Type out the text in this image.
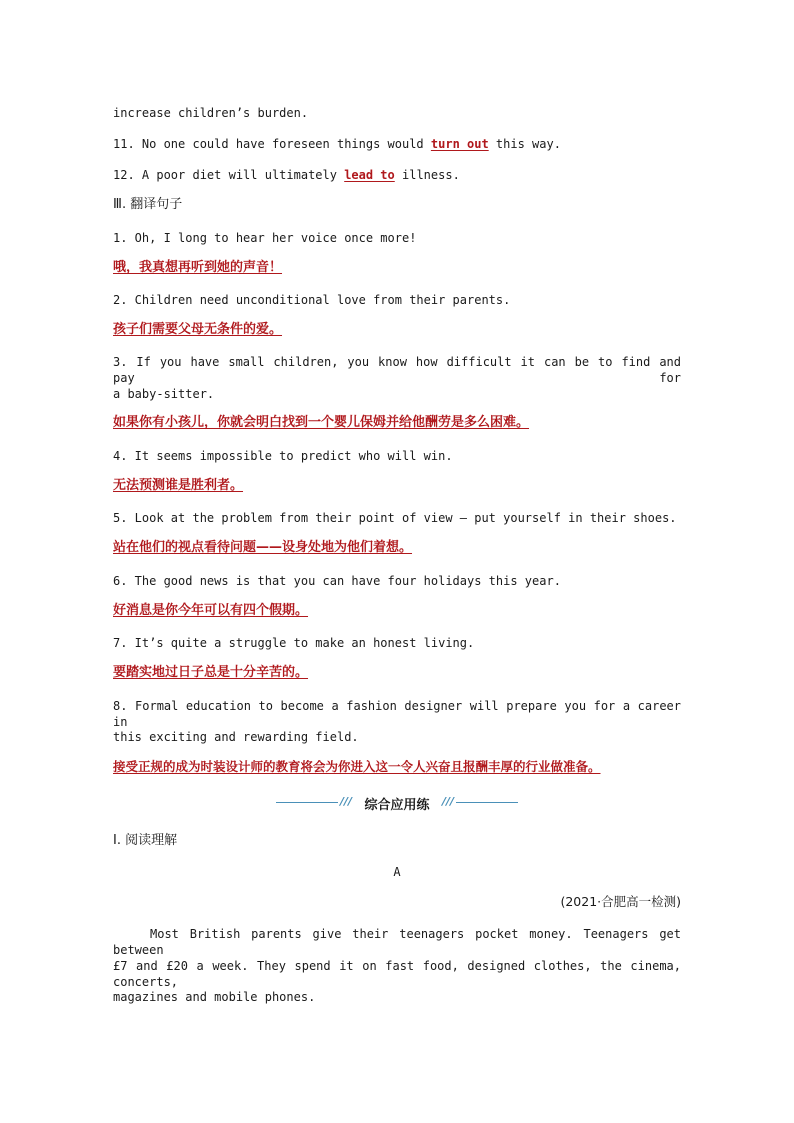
increase children’s burden.
11. No one could have foreseen things would turn out this way.
12. A poor diet will ultimately lead to illness.
Ⅲ. 翻译句子
1. Oh, I long to hear her voice once more!
哦，我真想再听到她的声音！
2. Children need unconditional love from their parents.
孩子们需要父母无条件的爱。
3. If you have small children, you know how difficult it can be to find and pay for
a baby-sitter.
如果你有小孩儿，你就会明白找到一个婴儿保姆并给他酬劳是多么困难。
4. It seems impossible to predict who will win.
无法预测谁是胜利者。
5. Look at the problem from their point of view — put yourself in their shoes.
站在他们的视点看待问题——设身处地为他们着想。
6. The good news is that you can have four holidays this year.
好消息是你今年可以有四个假期。
7. It’s quite a struggle to make an honest living.
要踏实地过日子总是十分辛苦的。
8. Formal education to become a fashion designer will prepare you for a career in
this exciting and rewarding field.
接受正规的成为时装设计师的教育将会为你进入这一令人兴奋且报酬丰厚的行业做准备。
/// 综合应用练	///
Ⅰ. 阅读理解
A
(2021·合肥高一检测)
Most British parents give their teenagers pocket money. Teenagers get between
£7 and £20 a week. They spend it on fast food, designed clothes, the cinema, concerts,
magazines and mobile phones.
